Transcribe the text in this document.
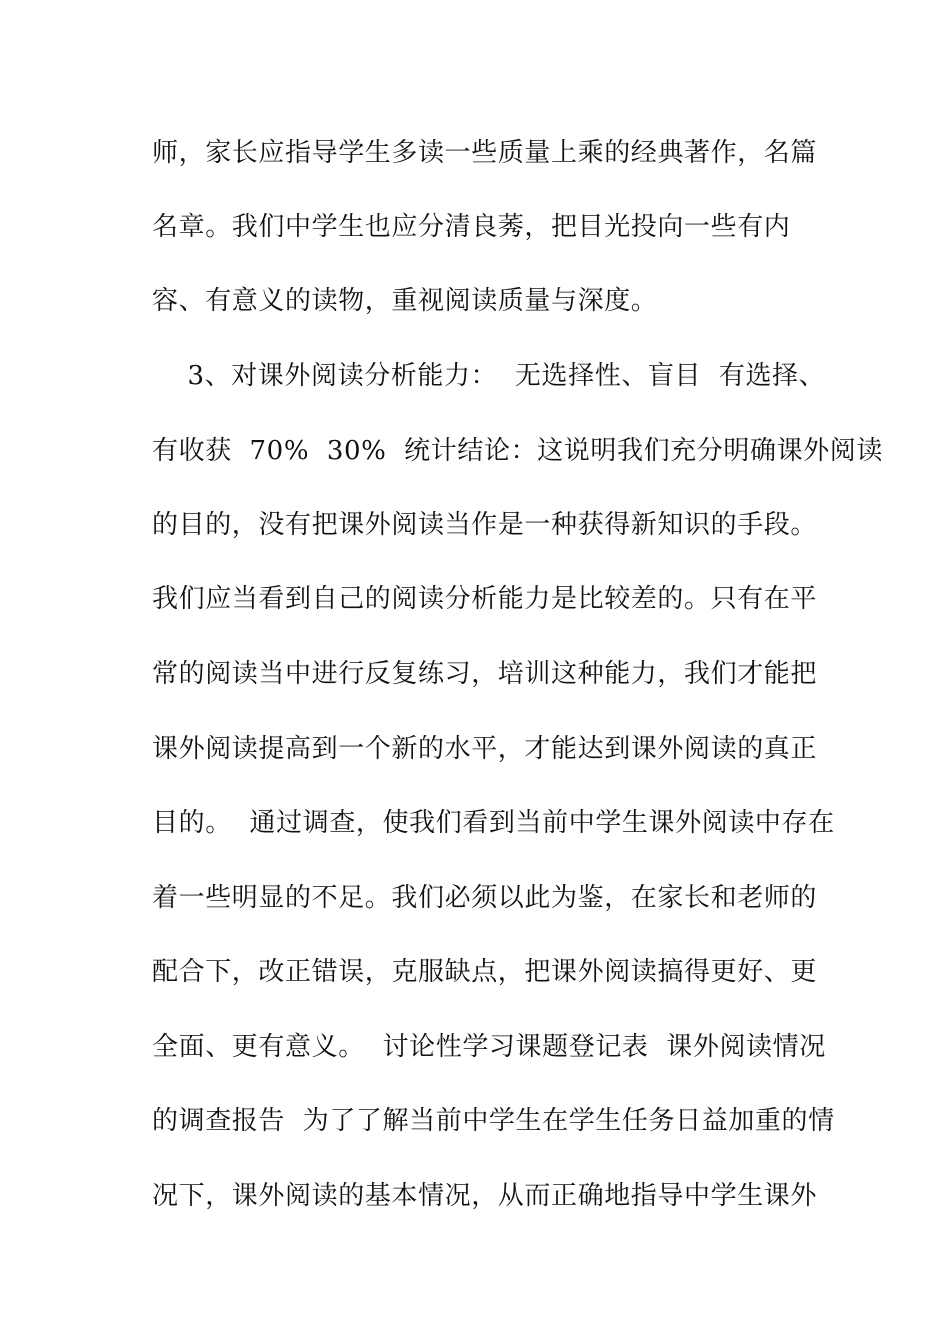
师，家长应指导学生多读一些质量上乘的经典著作，名篇
名章。我们中学生也应分清良莠，把目光投向一些有内
容、有意义的读物，重视阅读质量与深度。
3、对课外阅读分析能力：  无选择性、盲目  有选择、
有收获  70%  30%  统计结论：这说明我们充分明确课外阅读
的目的，没有把课外阅读当作是一种获得新知识的手段。
我们应当看到自己的阅读分析能力是比较差的。只有在平
常的阅读当中进行反复练习，培训这种能力，我们才能把
课外阅读提高到一个新的水平，才能达到课外阅读的真正
目的。  通过调查，使我们看到当前中学生课外阅读中存在
着一些明显的不足。我们必须以此为鉴，在家长和老师的
配合下，改正错误，克服缺点，把课外阅读搞得更好、更
全面、更有意义。  讨论性学习课题登记表  课外阅读情况
的调查报告  为了了解当前中学生在学生任务日益加重的情
况下，课外阅读的基本情况，从而正确地指导中学生课外
